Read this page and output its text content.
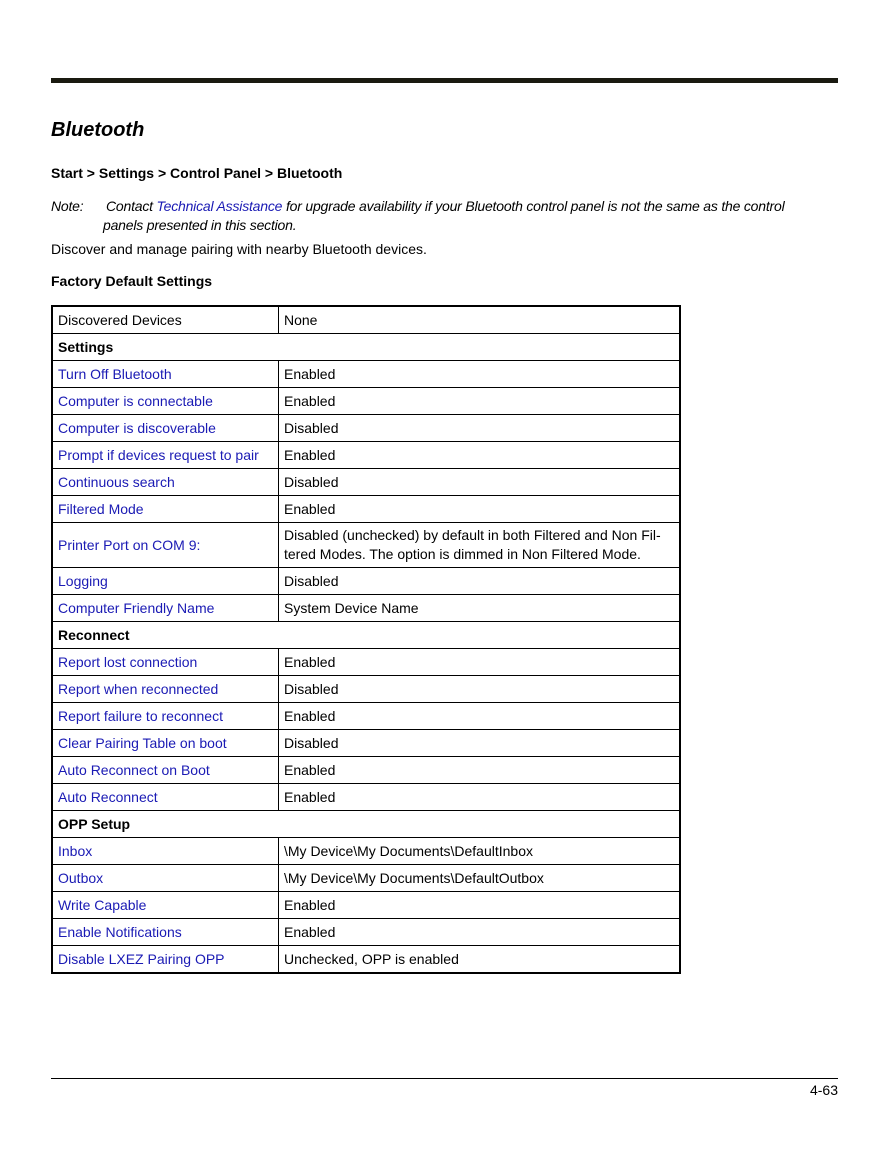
Bluetooth
Start > Settings > Control Panel > Bluetooth
Note: Contact Technical Assistance for upgrade availability if your Bluetooth control panel is not the same as the control
panels presented in this section.
Discover and manage pairing with nearby Bluetooth devices.
Factory Default Settings
Discovered Devices	None
Settings	
Turn Off Bluetooth	Enabled
Computer is connectable	Enabled
Computer is discoverable	Disabled
Prompt if devices request to pair	Enabled
Continuous search	Disabled
Filtered Mode	Enabled
Printer Port on COM 9:	Disabled (unchecked) by default in both Filtered and Non Fil-
tered Modes. The option is dimmed in Non Filtered Mode.

Logging	Disabled
Computer Friendly Name	System Device Name
Reconnect	
Report lost connection	Enabled
Report when reconnected	Disabled
Report failure to reconnect	Enabled
Clear Pairing Table on boot	Disabled
Auto Reconnect on Boot	Enabled
Auto Reconnect	Enabled
OPP Setup	
Inbox	\My Device\My Documents\DefaultInbox
Outbox	\My Device\My Documents\DefaultOutbox
Write Capable	Enabled
Enable Notifications	Enabled
Disable LXEZ Pairing OPP	Unchecked, OPP is enabled
4-63
